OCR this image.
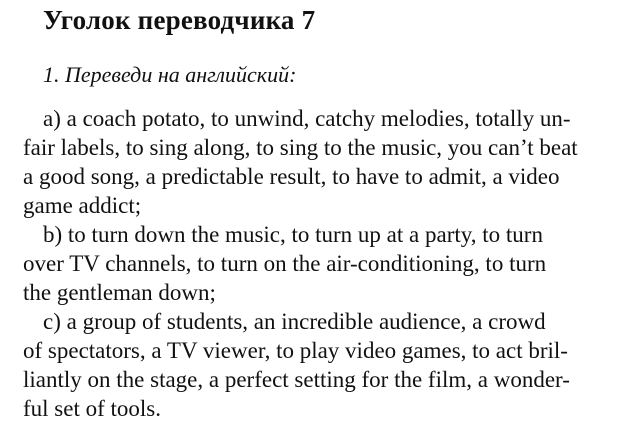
Уголок переводчика 7

1. Переведи на английский:

a) a coach potato, to unwind, catchy melodies, totally un-
fair labels, to sing along, to sing to the music, you can’t beat
a good song, a predictable result, to have to admit, a video
game addict;
b) to turn down the music, to turn up at a party, to turn
over TV channels, to turn on the air-conditioning, to turn
the gentleman down;
c) a group of students, an incredible audience, a crowd
of spectators, a TV viewer, to play video games, to act bril-
liantly on the stage, a perfect setting for the film, a wonder-
ful set of tools.
